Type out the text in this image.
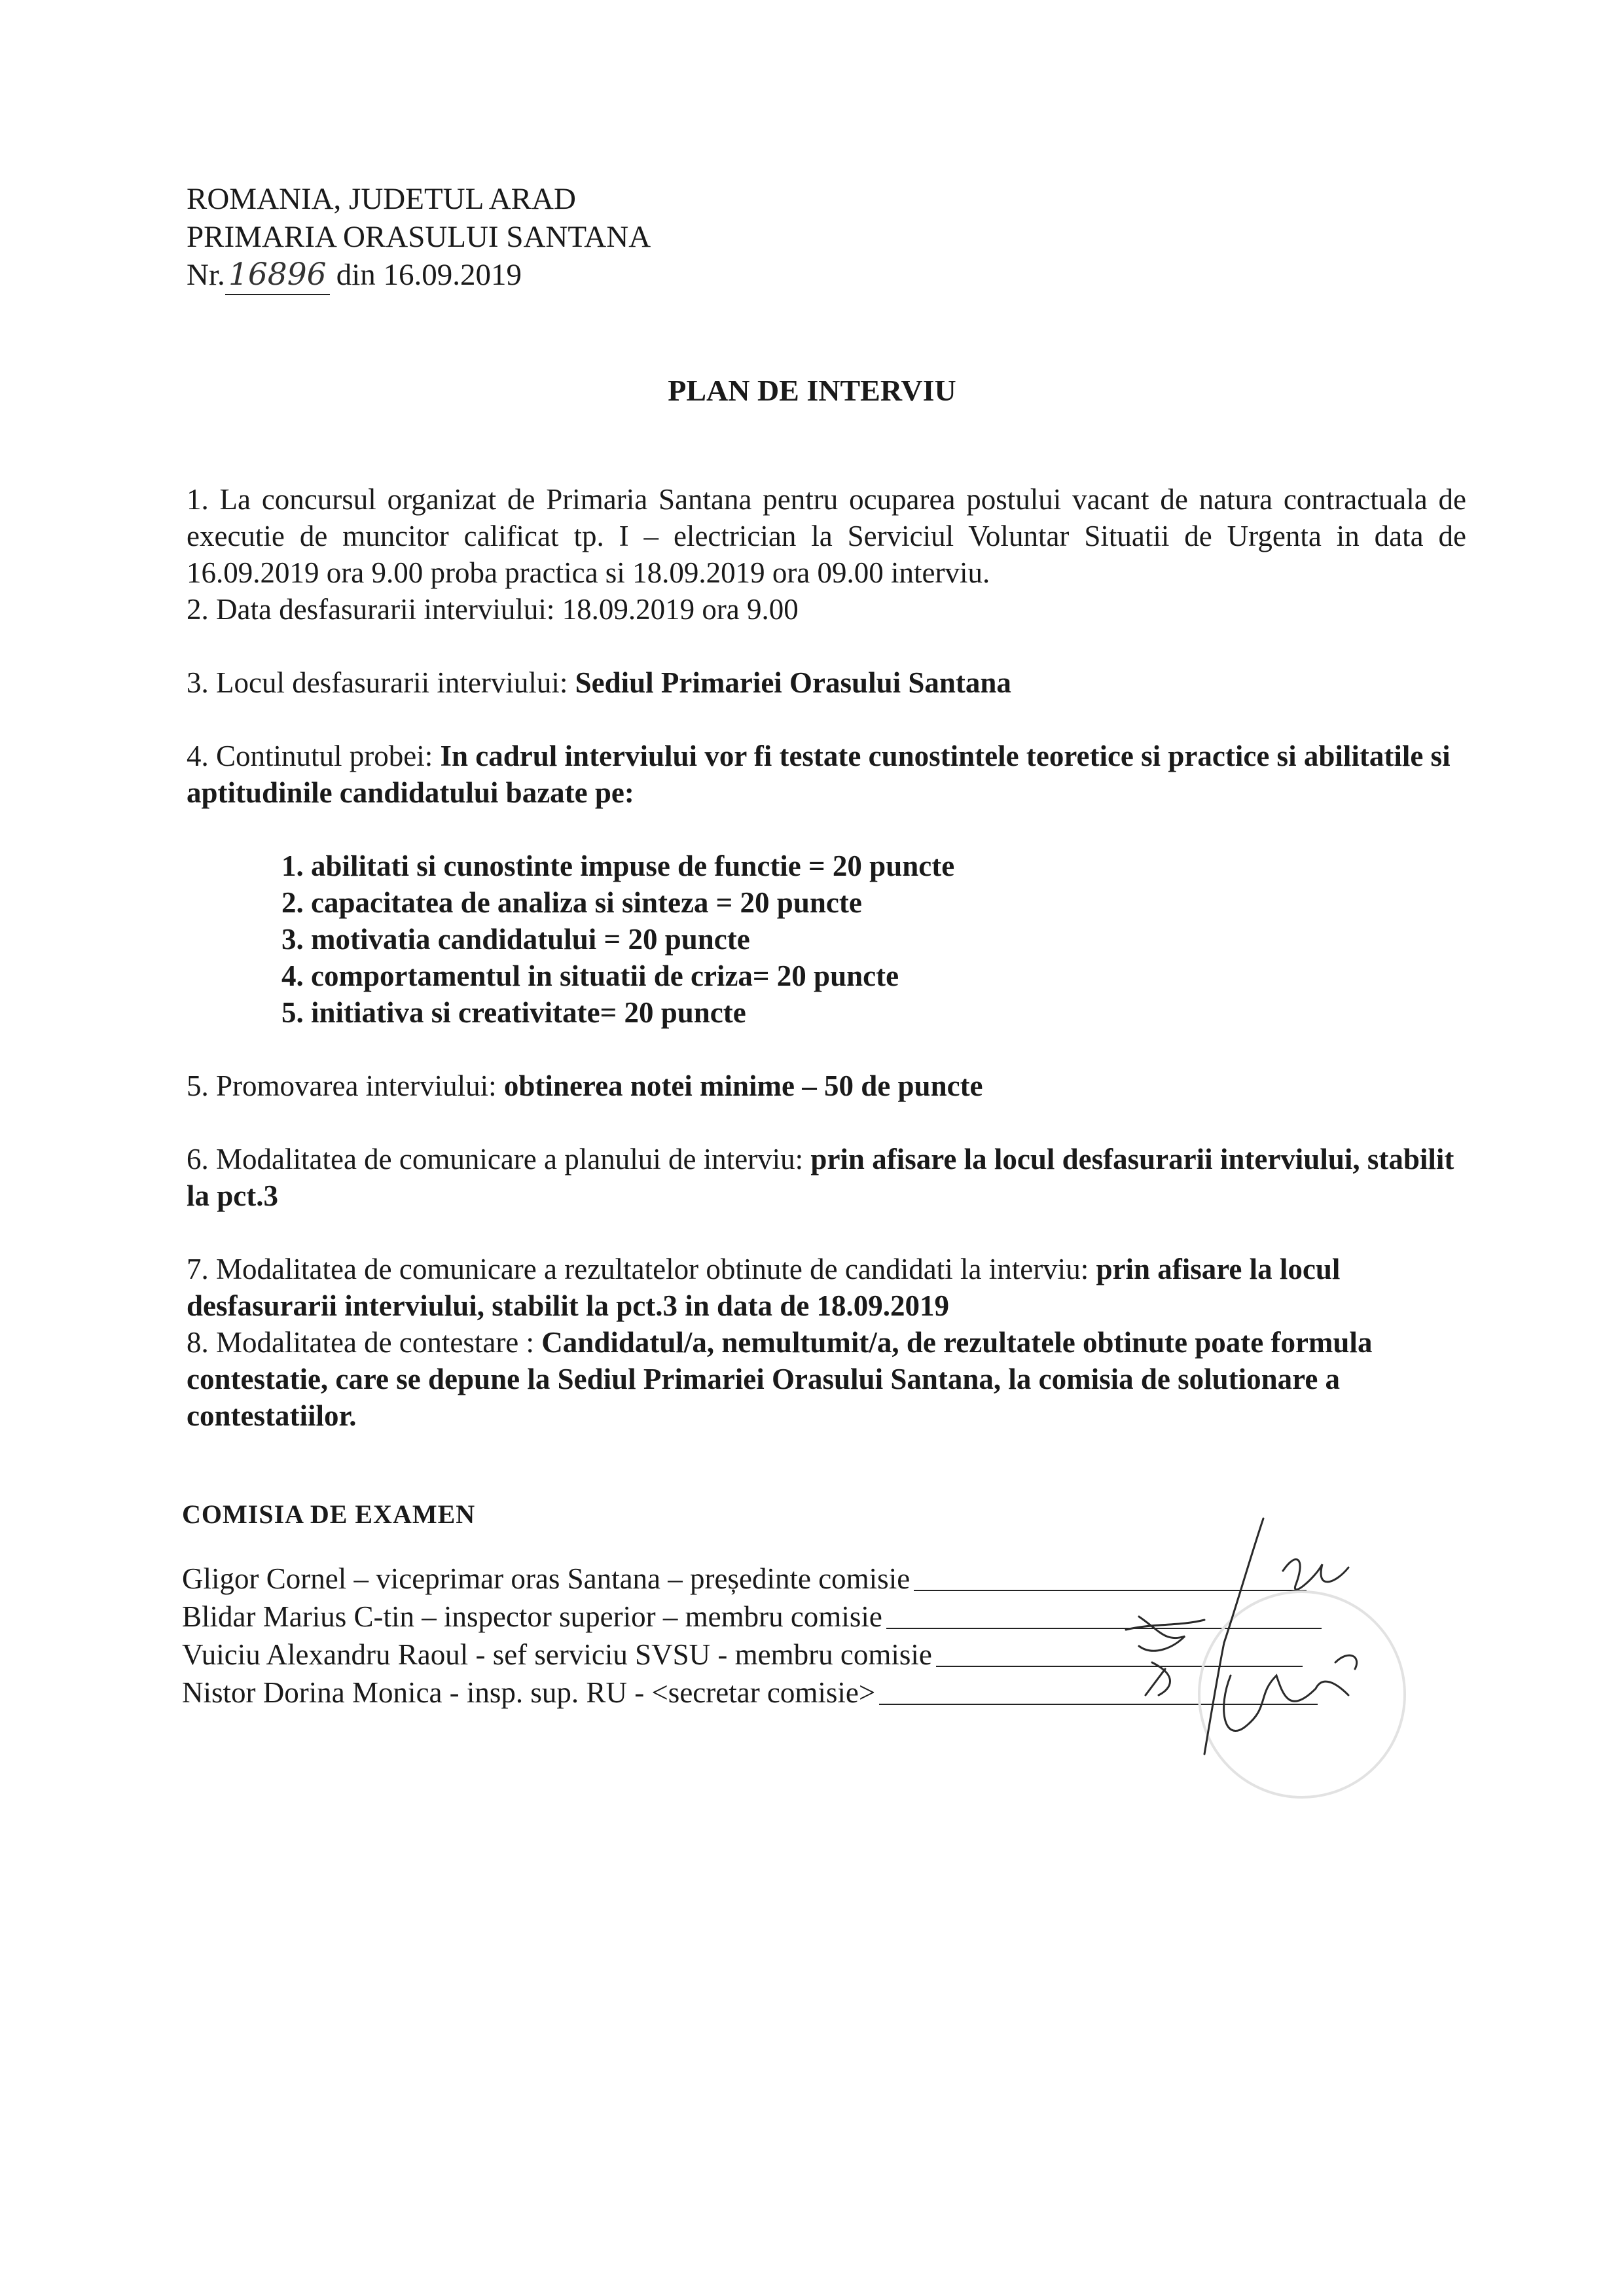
ROMANIA, JUDETUL ARAD
PRIMARIA ORASULUI SANTANA
Nr. 16896 din 16.09.2019
PLAN DE INTERVIU

1. La concursul organizat de Primaria Santana pentru ocuparea postului vacant de natura contractuala de executie de muncitor calificat tp. I – electrician la Serviciul Voluntar Situatii de Urgenta in data de 16.09.2019 ora 9.00 proba practica si 18.09.2019 ora 09.00 interviu.

2. Data desfasurarii interviului: 18.09.2019 ora 9.00

3. Locul desfasurarii interviului: Sediul Primariei Orasului Santana

4. Continutul probei: In cadrul interviului vor fi testate cunostintele teoretice si practice si abilitatile si aptitudinile candidatului bazate pe:

1. abilitati si cunostinte impuse de functie = 20 puncte
2. capacitatea de analiza si sinteza = 20 puncte
3. motivatia candidatului = 20 puncte
4. comportamentul in situatii de criza= 20 puncte
5. initiativa si creativitate= 20 puncte

5. Promovarea interviului: obtinerea notei minime – 50 de puncte

6. Modalitatea de comunicare a planului de interviu: prin afisare la locul desfasurarii interviului, stabilit la pct.3

7. Modalitatea de comunicare a rezultatelor obtinute de candidati la interviu: prin afisare la locul desfasurarii interviului, stabilit la pct.3 in data de 18.09.2019

8. Modalitatea de contestare : Candidatul/a, nemultumit/a, de rezultatele obtinute poate formula contestatie, care se depune la Sediul Primariei Orasului Santana, la comisia de solutionare a contestatiilor.

COMISIA DE EXAMEN
Gligor Cornel – viceprimar oras Santana – președinte comisie
Blidar Marius C-tin – inspector superior – membru comisie
Vuiciu Alexandru Raoul - sef serviciu SVSU - membru comisie
Nistor Dorina Monica - insp. sup. RU - <secretar comisie>
